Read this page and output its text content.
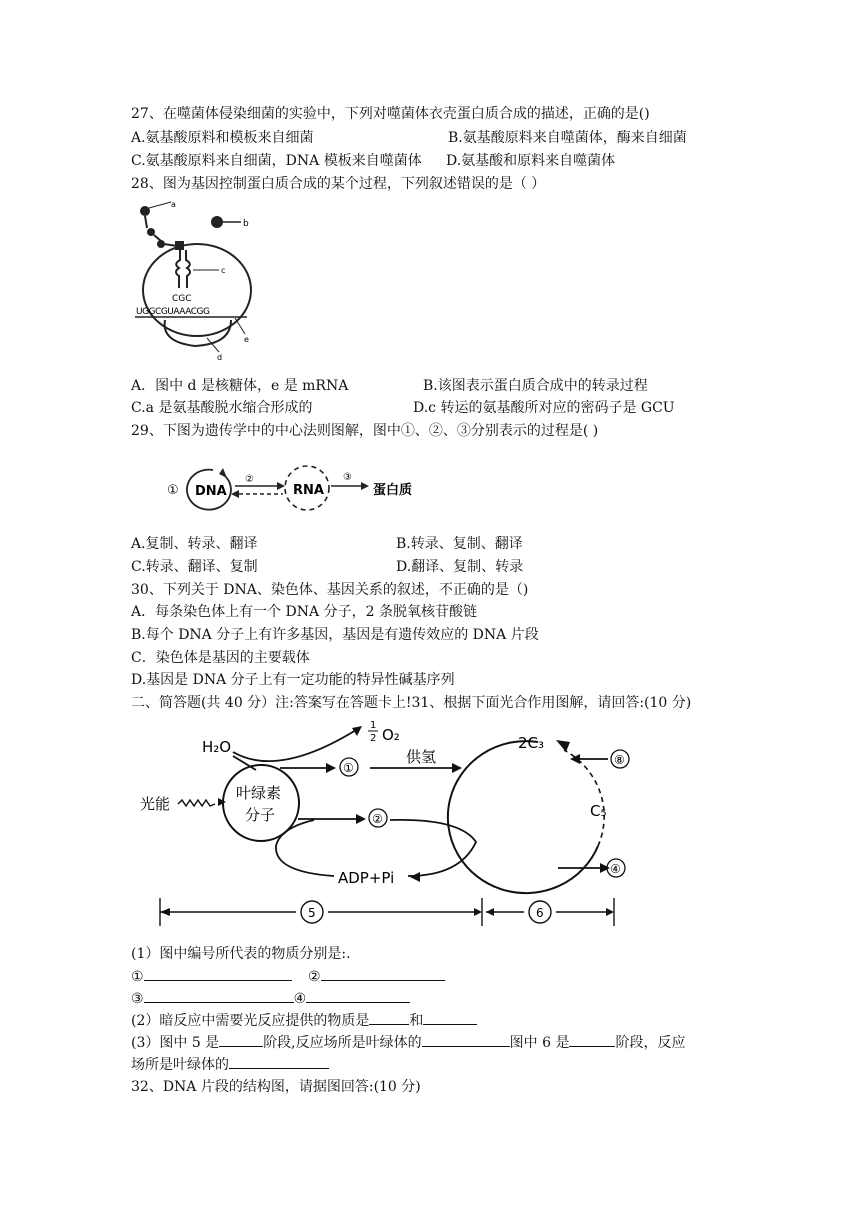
27、在噬菌体侵染细菌的实验中，下列对噬菌体衣壳蛋白质合成的描述，正确的是()
A.氨基酸原料和模板来自细菌	B.氨基酸原料来自噬菌体，酶来自细菌
C.氨基酸原料来自细菌，DNA 模板来自噬菌体 D.氨基酸和原料来自噬菌体
28、图为基因控制蛋白质合成的某个过程，下列叙述错误的是（ ）
a
b
c
CGC
UGGCGUAAACGG
e
d
A．图中 d 是核糖体，e 是 mRNA	B.该图表示蛋白质合成中的转录过程
C.a 是氨基酸脱水缩合形成的	D.c 转运的氨基酸所对应的密码子是 GCU
29、下图为遗传学中的中心法则图解，图中①、②、③分别表示的过程是( )
① DNA
②
RNA
③
蛋白质
A.复制、转录、翻译	B.转录、复制、翻译
C.转录、翻译、复制	D.翻译、复制、转录
30、下列关于 DNA、染色体、基因关系的叙述，不正确的是（)
A．每条染色体上有一个 DNA 分子，2 条脱氧核苷酸链
B.每个 DNA 分子上有许多基因，基因是有遗传效应的 DNA 片段
C．染色体是基因的主要载体
D.基因是 DNA 分子上有一定功能的特异性碱基序列
二、简答题(共 40 分）注:答案写在答题卡上!31、根据下面光合作用图解，请回答:(10 分)
H₂O
1
2 O₂
①
供氢
叶绿素
分子
光能
②
ADP+Pi
2C₃
⑧
C₅
④
5	6
(1）图中编号所代表的物质分别是:.
①	②
③	④
(2）暗反应中需要光反应提供的物质是	和
(3）图中 5 是	阶段,反应场所是叶绿体的	图中 6 是	阶段，反应
场所是叶绿体的
32、DNA 片段的结构图，请据图回答:(10 分)
